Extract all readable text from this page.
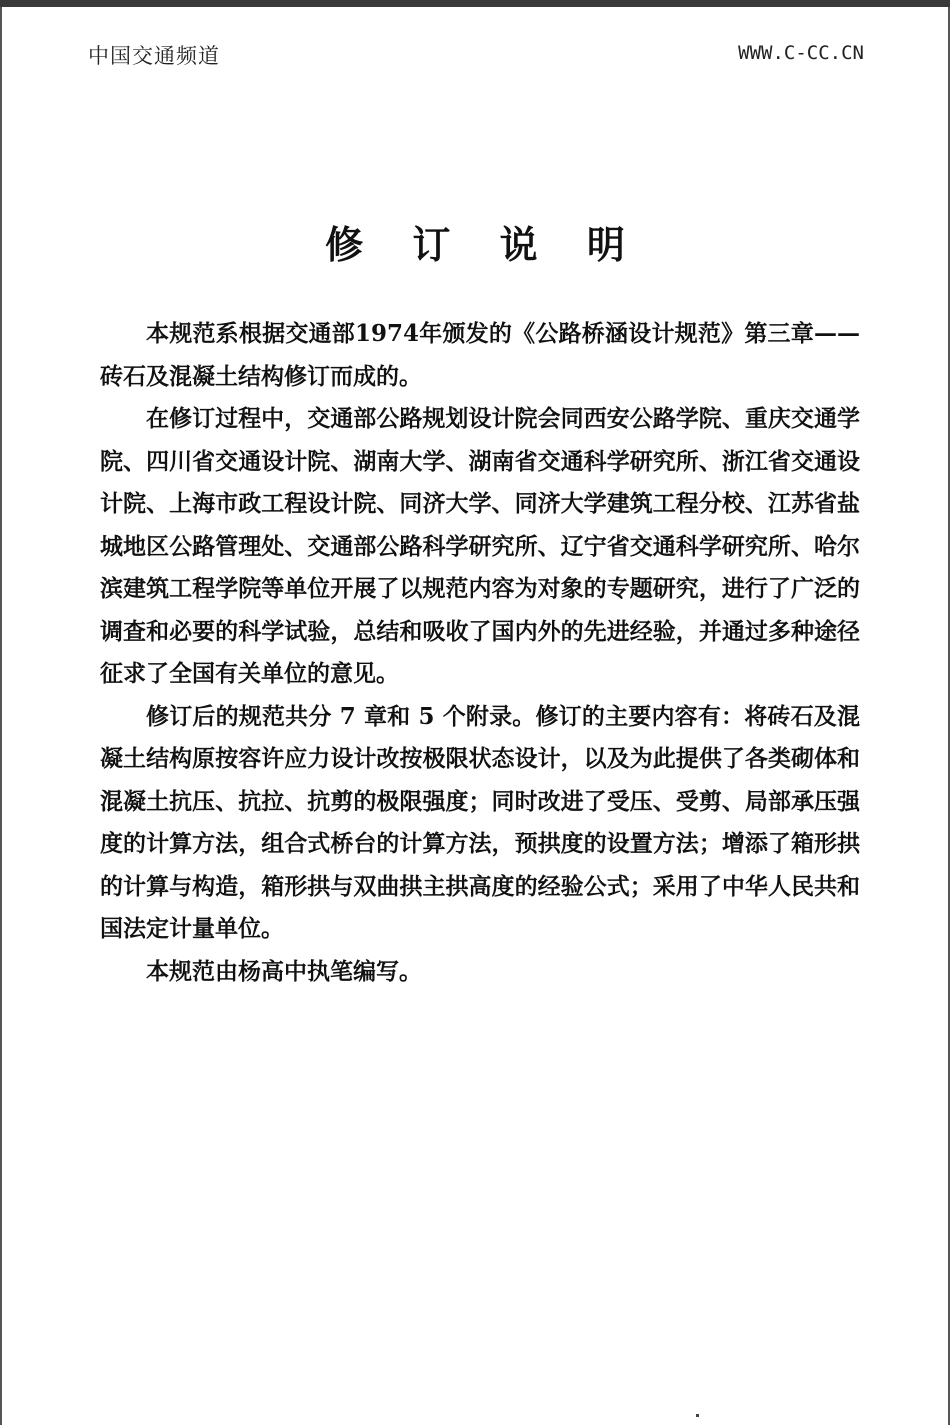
中国交通频道	WWW.C-CC.CN
修 订 说 明

本规范系根据交通部1974年颁发的《公路桥涵设计规范》第三章——砖石及混凝土结构修订而成的。

在修订过程中，交通部公路规划设计院会同西安公路学院、重庆交通学院、四川省交通设计院、湖南大学、湖南省交通科学研究所、浙江省交通设计院、上海市政工程设计院、同济大学、同济大学建筑工程分校、江苏省盐城地区公路管理处、交通部公路科学研究所、辽宁省交通科学研究所、哈尔滨建筑工程学院等单位开展了以规范内容为对象的专题研究，进行了广泛的调查和必要的科学试验，总结和吸收了国内外的先进经验，并通过多种途径征求了全国有关单位的意见。

修订后的规范共分 7 章和 5 个附录。修订的主要内容有：将砖石及混凝土结构原按容许应力设计改按极限状态设计，以及为此提供了各类砌体和混凝土抗压、抗拉、抗剪的极限强度；同时改进了受压、受剪、局部承压强度的计算方法，组合式桥台的计算方法，预拱度的设置方法；增添了箱形拱的计算与构造，箱形拱与双曲拱主拱高度的经验公式；采用了中华人民共和国法定计量单位。

本规范由杨高中执笔编写。
